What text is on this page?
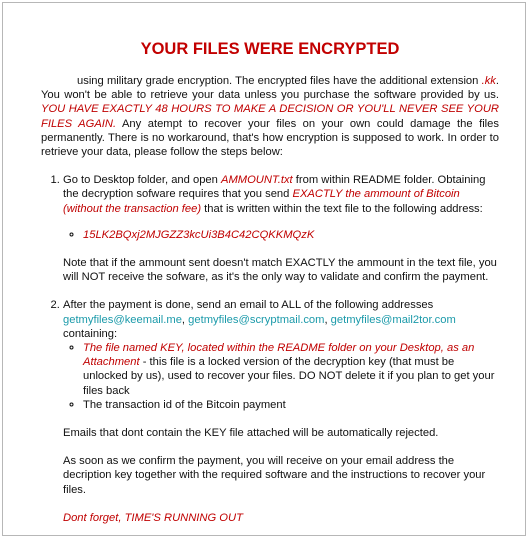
YOUR FILES WERE ENCRYPTED

using military grade encryption. The encrypted files have the additional extension .kk. You won't be able to retrieve your data unless you purchase the software provided by us. YOU HAVE EXACTLY 48 HOURS TO MAKE A DECISION OR YOU'LL NEVER SEE YOUR FILES AGAIN. Any atempt to recover your files on your own could damage the files permanently. There is no workaround, that's how encryption is supposed to work. In order to retrieve your data, please follow the steps below:

1. Go to Desktop folder, and open AMMOUNT.txt from within README folder. Obtaining the decryption sofware requires that you send EXACTLY the ammount of Bitcoin (without the transaction fee) that is written within the text file to the following address:
◦ 15LK2BQxj2MJGZZ3kcUi3B4C42CQKKMQzK

Note that if the ammount sent doesn't match EXACTLY the ammount in the text file, you will NOT receive the sofware, as it's the only way to validate and confirm the payment.

2. After the payment is done, send an email to ALL of the following addresses getmyfiles@keemail.me, getmyfiles@scryptmail.com, getmyfiles@mail2tor.com containing:
◦ The file named KEY, located within the README folder on your Desktop, as an Attachment - this file is a locked version of the decryption key (that must be unlocked by us), used to recover your files. DO NOT delete it if you plan to get your files back
◦ The transaction id of the Bitcoin payment

Emails that dont contain the KEY file attached will be automatically rejected.

As soon as we confirm the payment, you will receive on your email address the decription key together with the required software and the instructions to recover your files.

Dont forget, TIME'S RUNNING OUT
